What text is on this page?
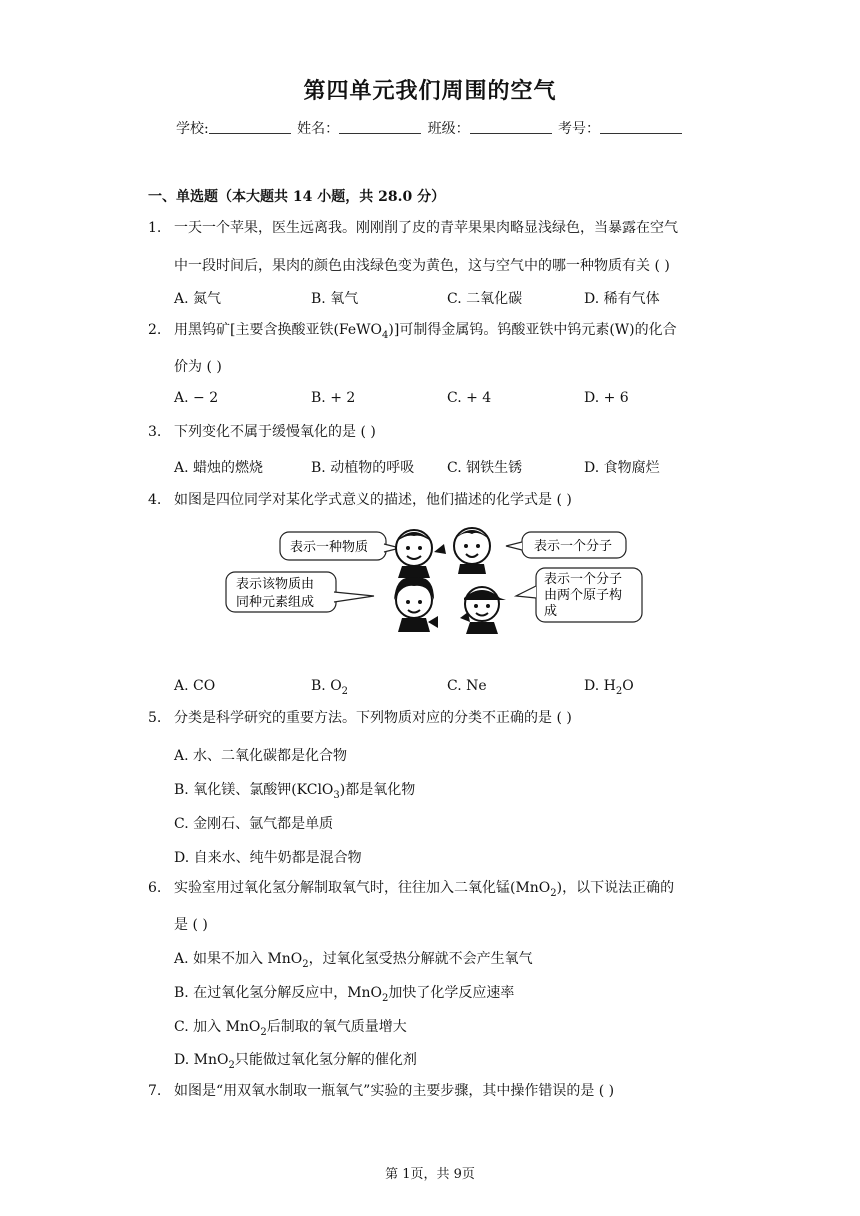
第四单元我们周围的空气
学校:	姓名：	班级：	考号：
一、单选题（本大题共 14 小题，共 28.0 分）
1. 一天一个苹果，医生远离我。刚刚削了皮的青苹果果肉略显浅绿色，当暴露在空气
中一段时间后，果肉的颜色由浅绿色变为黄色，这与空气中的哪一种物质有关 ( )
A. 氮气	B. 氧气	C. 二氧化碳	D. 稀有气体
2. 用黑钨矿[主要含换酸亚铁(FeWO$_4$)]可制得金属钨。钨酸亚铁中钨元素(W)的化合
价为 ( )
A. − 2	B. + 2	C. + 4	D. + 6
3. 下列变化不属于缓慢氧化的是 ( )
A. 蜡烛的燃烧	B. 动植物的呼吸 C. 钢铁生锈	D. 食物腐烂
4. 如图是四位同学对某化学式意义的描述，他们描述的化学式是 ( )
表示一种物质	表示一个分子
表示该物质由
同种元素组成
表示一个分子
由两个原子构
成
A. CO	B. $O_2$	C. Ne	D. $H_2O$
5. 分类是科学研究的重要方法。下列物质对应的分类不正确的是 ( )
A. 水、二氧化碳都是化合物
B. 氧化镁、氯酸钾(KClO$_3$)都是氧化物
C. 金刚石、氩气都是单质
D. 自来水、纯牛奶都是混合物
6. 实验室用过氧化氢分解制取氧气时，往往加入二氧化锰(MnO$_2$)，以下说法正确的
是 ( )
A. 如果不加入 MnO$_2$，过氧化氢受热分解就不会产生氧气
B. 在过氧化氢分解反应中，MnO$_2$加快了化学反应速率
C. 加入 MnO$_2$后制取的氧气质量增大
D. MnO$_2$只能做过氧化氢分解的催化剂
7. 如图是“用双氧水制取一瓶氧气”实验的主要步骤，其中操作错误的是 ( )
第 1页，共 9页
